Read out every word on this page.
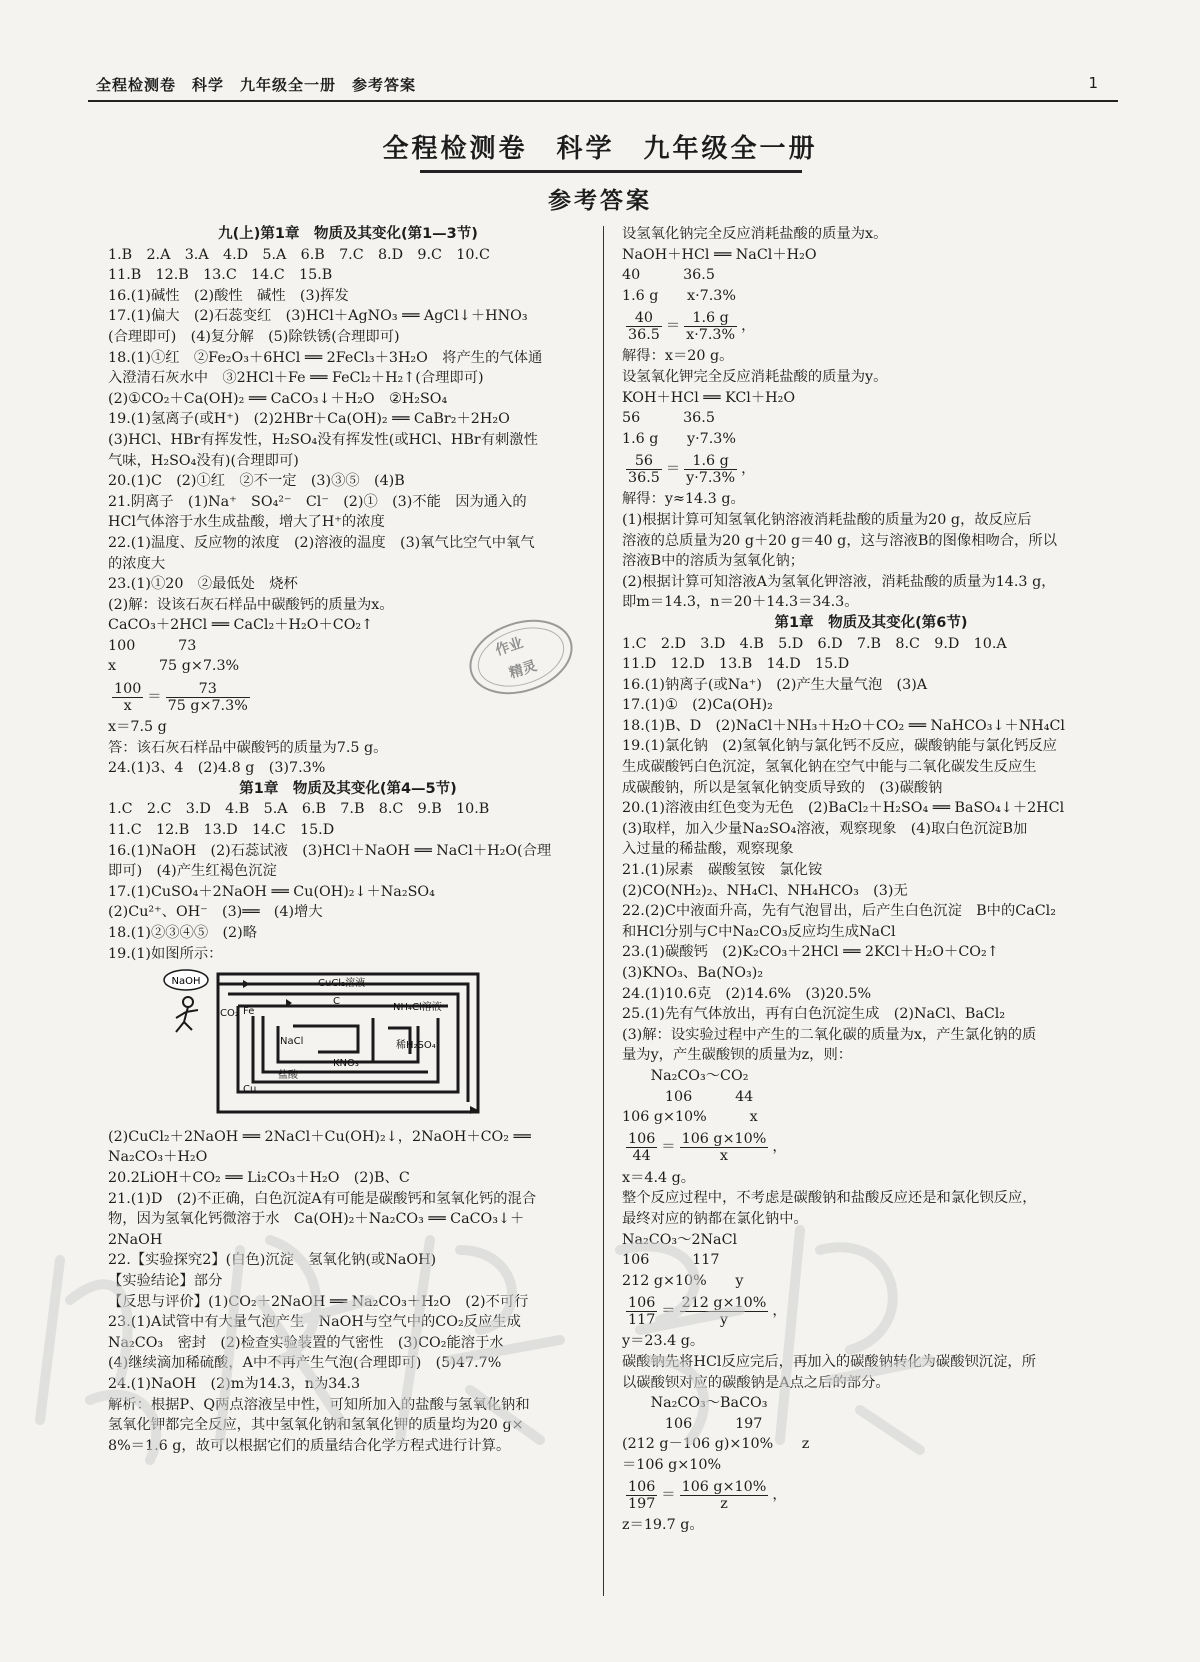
全程检测卷　科学　九年级全一册　参考答案	1
全程检测卷　科学　九年级全一册
参考答案
九(上)第1章　物质及其变化(第1—3节)
1.B　2.A　3.A　4.D　5.A　6.B　7.C　8.D　9.C　10.C
11.B　12.B　13.C　14.C　15.B
16.(1)碱性　(2)酸性　碱性　(3)挥发
17.(1)偏大　(2)石蕊变红　(3)HCl＋AgNO₃ ══ AgCl↓＋HNO₃
(合理即可)　(4)复分解　(5)除铁锈(合理即可)
18.(1)①红　②Fe₂O₃＋6HCl ══ 2FeCl₃＋3H₂O　将产生的气体通
入澄清石灰水中　③2HCl＋Fe ══ FeCl₂＋H₂↑(合理即可)
(2)①CO₂＋Ca(OH)₂ ══ CaCO₃↓＋H₂O　②H₂SO₄
19.(1)氢离子(或H⁺)　(2)2HBr＋Ca(OH)₂ ══ CaBr₂＋2H₂O
(3)HCl、HBr有挥发性，H₂SO₄没有挥发性(或HCl、HBr有刺激性
气味，H₂SO₄没有)(合理即可)
20.(1)C　(2)①红　②不一定　(3)③⑤　(4)B
21.阴离子　(1)Na⁺　SO₄²⁻　Cl⁻　(2)①　(3)不能　因为通入的
HCl气体溶于水生成盐酸，增大了H⁺的浓度
22.(1)温度、反应物的浓度　(2)溶液的温度　(3)氧气比空气中氧气
的浓度大
23.(1)①20　②最低处　烧杯
(2)解：设该石灰石样品中碳酸钙的质量为x。
CaCO₃＋2HCl ══ CaCl₂＋H₂O＋CO₂↑
100　　　73
x　　　75 g×7.3%
$\frac{100}{x} = \frac{73}{75 g\times 7.3\%}$
x＝7.5 g
答：该石灰石样品中碳酸钙的质量为7.5 g。
24.(1)3、4　(2)4.8 g　(3)7.3%
第1章　物质及其变化(第4—5节)
1.C　2.C　3.D　4.B　5.A　6.B　7.B　8.C　9.B　10.B
11.C　12.B　13.D　14.C　15.D
16.(1)NaOH　(2)石蕊试液　(3)HCl＋NaOH ══ NaCl＋H₂O(合理
即可)　(4)产生红褐色沉淀
17.(1)CuSO₄＋2NaOH ══ Cu(OH)₂↓＋Na₂SO₄
(2)Cu²⁺、OH⁻　(3)══　(4)增大
18.(1)②③④⑤　(2)略
19.(1)如图所示：
NaOH	CuCl₂溶液
C
NH₄Cl溶液
CO₂ Fe
NaCl	稀H₂SO₄
KNO₃
盐酸
Cu
(2)CuCl₂＋2NaOH ══ 2NaCl＋Cu(OH)₂↓，2NaOH＋CO₂ ══
Na₂CO₃＋H₂O
20.2LiOH＋CO₂ ══ Li₂CO₃＋H₂O　(2)B、C
21.(1)D　(2)不正确，白色沉淀A有可能是碳酸钙和氢氧化钙的混合
物，因为氢氧化钙微溶于水　Ca(OH)₂＋Na₂CO₃ ══ CaCO₃↓＋
2NaOH
22.【实验探究2】(白色)沉淀　氢氧化钠(或NaOH)
【实验结论】部分
【反思与评价】(1)CO₂＋2NaOH ══ Na₂CO₃＋H₂O　(2)不可行
23.(1)A试管中有大量气泡产生　NaOH与空气中的CO₂反应生成
Na₂CO₃　密封　(2)检查实验装置的气密性　(3)CO₂能溶于水
(4)继续滴加稀硫酸，A中不再产生气泡(合理即可)　(5)47.7%
24.(1)NaOH　(2)m为14.3，n为34.3
解析：根据P、Q两点溶液呈中性，可知所加入的盐酸与氢氧化钠和
氢氧化钾都完全反应，其中氢氧化钠和氢氧化钾的质量均为20 g×
8%＝1.6 g，故可以根据它们的质量结合化学方程式进行计算。
设氢氧化钠完全反应消耗盐酸的质量为x。
NaOH＋HCl ══ NaCl＋H₂O
40　　　36.5
1.6 g　　x·7.3%
$\frac{40}{36.5} = \frac{1.6 g}{x\cdot 7.3\%}$ ，
解得：x＝20 g。
设氢氧化钾完全反应消耗盐酸的质量为y。
KOH＋HCl ══ KCl＋H₂O
56　　　36.5
1.6 g　　y·7.3%
$\frac{56}{36.5} = \frac{1.6 g}{y\cdot 7.3\%}$ ，
解得：y≈14.3 g。
(1)根据计算可知氢氧化钠溶液消耗盐酸的质量为20 g，故反应后
溶液的总质量为20 g＋20 g＝40 g，这与溶液B的图像相吻合，所以
溶液B中的溶质为氢氧化钠；
(2)根据计算可知溶液A为氢氧化钾溶液，消耗盐酸的质量为14.3 g，
即m＝14.3，n＝20＋14.3＝34.3。
第1章　物质及其变化(第6节)
1.C　2.D　3.D　4.B　5.D　6.D　7.B　8.C　9.D　10.A
11.D　12.D　13.B　14.D　15.D
16.(1)钠离子(或Na⁺)　(2)产生大量气泡　(3)A
17.(1)①　(2)Ca(OH)₂
18.(1)B、D　(2)NaCl＋NH₃＋H₂O＋CO₂ ══ NaHCO₃↓＋NH₄Cl
19.(1)氯化钠　(2)氢氧化钠与氯化钙不反应，碳酸钠能与氯化钙反应
生成碳酸钙白色沉淀，氢氧化钠在空气中能与二氧化碳发生反应生
成碳酸钠，所以是氢氧化钠变质导致的　(3)碳酸钠
20.(1)溶液由红色变为无色　(2)BaCl₂＋H₂SO₄ ══ BaSO₄↓＋2HCl
(3)取样，加入少量Na₂SO₄溶液，观察现象　(4)取白色沉淀B加
入过量的稀盐酸，观察现象
21.(1)尿素　碳酸氢铵　氯化铵
(2)CO(NH₂)₂、NH₄Cl、NH₄HCO₃　(3)无
22.(2)C中液面升高，先有气泡冒出，后产生白色沉淀　B中的CaCl₂
和HCl分别与C中Na₂CO₃反应均生成NaCl
23.(1)碳酸钙　(2)K₂CO₃＋2HCl ══ 2KCl＋H₂O＋CO₂↑
(3)KNO₃、Ba(NO₃)₂
24.(1)10.6克　(2)14.6%　(3)20.5%
25.(1)先有气体放出，再有白色沉淀生成　(2)NaCl、BaCl₂
(3)解：设实验过程中产生的二氧化碳的质量为x，产生氯化钠的质
量为y，产生碳酸钡的质量为z，则：
　　Na₂CO₃～CO₂
　　　106　　　44
106 g×10%　　　x
$\frac{106}{44} = \frac{106 g\times 10\%}{x}$ ，
x＝4.4 g。
整个反应过程中，不考虑是碳酸钠和盐酸反应还是和氯化钡反应，
最终对应的钠都在氯化钠中。
Na₂CO₃～2NaCl
106　　　117
212 g×10%　　y
$\frac{106}{117} = \frac{212 g\times 10\%}{y}$ ，
y＝23.4 g。
碳酸钠先将HCl反应完后，再加入的碳酸钠转化为碳酸钡沉淀，所
以碳酸钡对应的碳酸钠是A点之后的部分。
　　Na₂CO₃～BaCO₃
　　　106　　　197
(212 g－106 g)×10%　　z
＝106 g×10%
$\frac{106}{197} = \frac{106 g\times 10\%}{z}$ ，
z＝19.7 g。
作业
精灵
